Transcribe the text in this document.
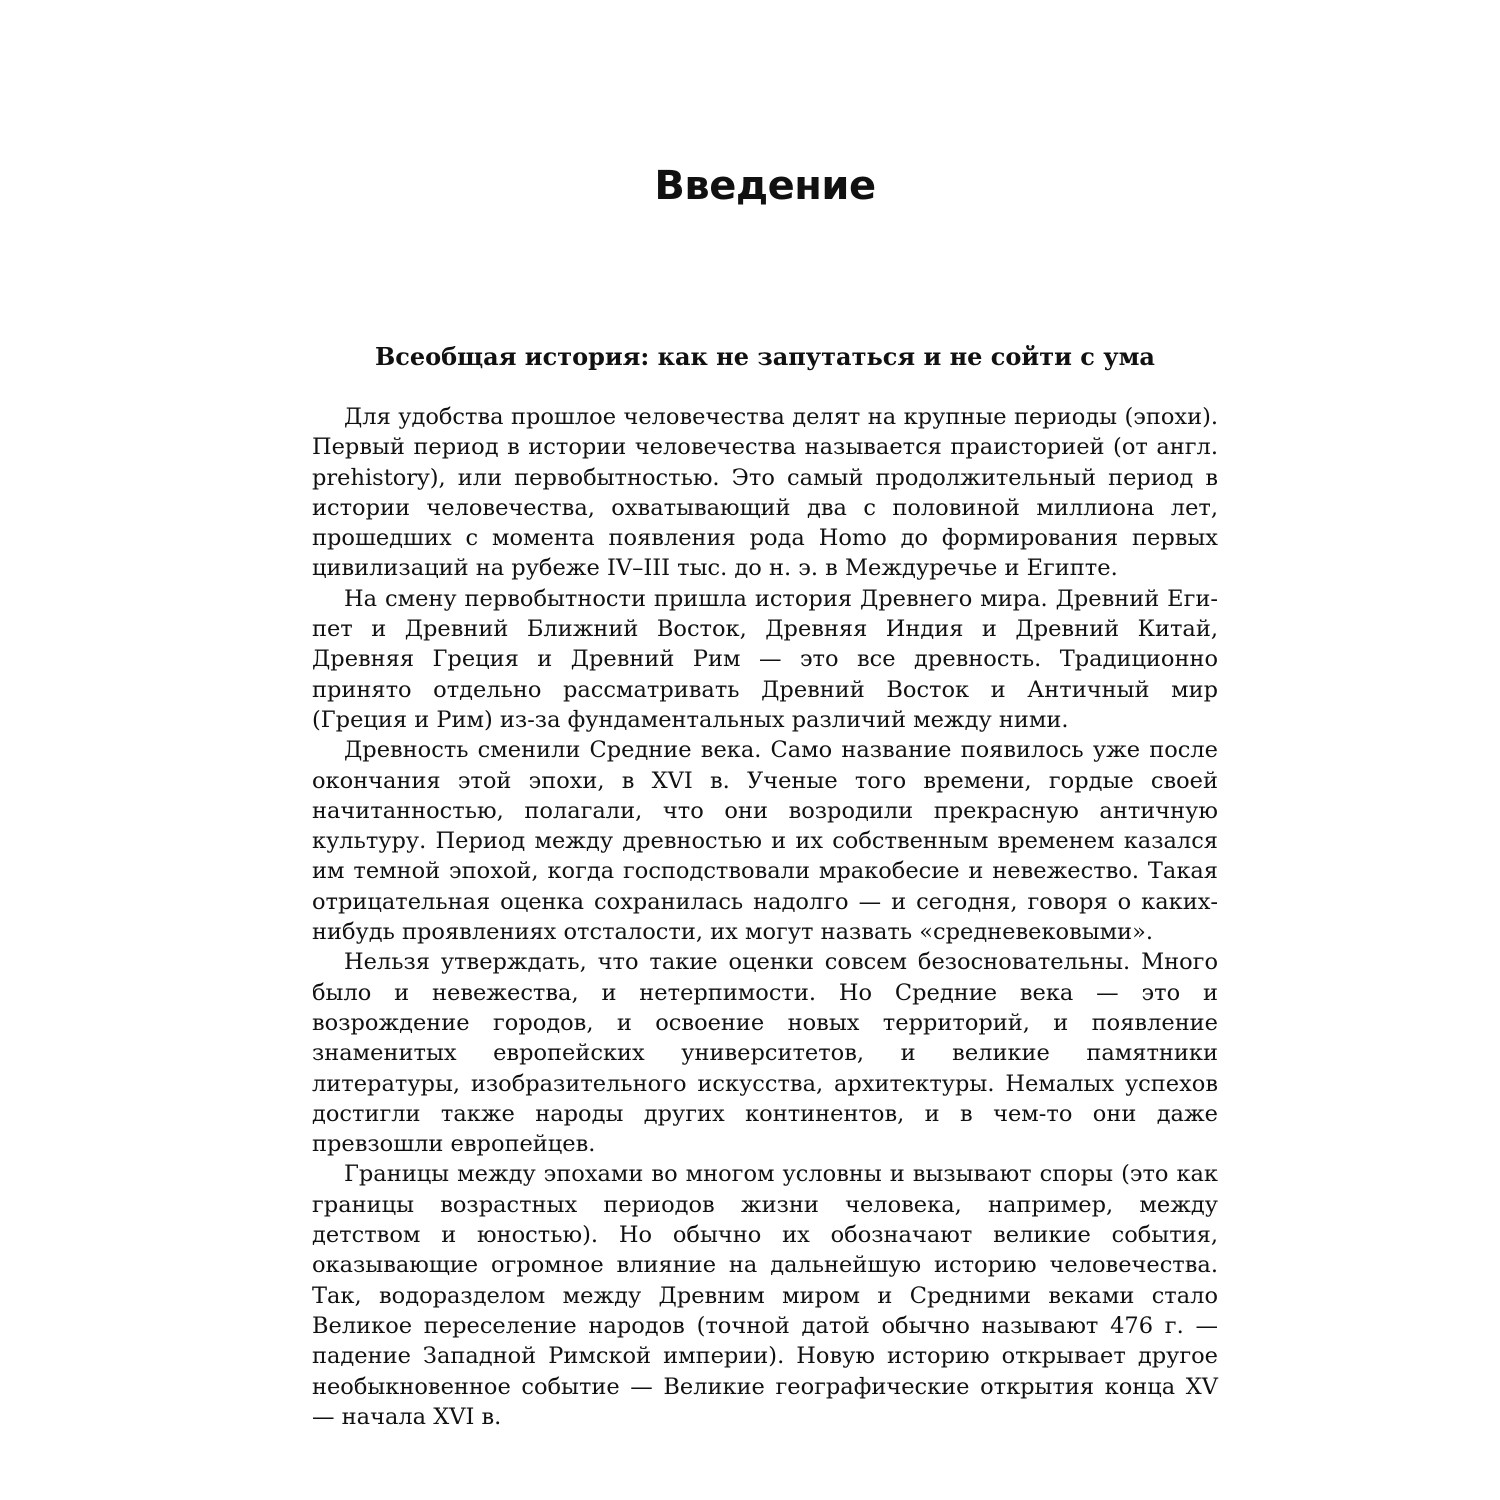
Введение
Всеобщая история: как не запутаться и не сойти с ума

Для удобства прошлое человечества делят на крупные периоды (эпохи). Первый период в истории человечества называется праисторией (от англ. prehistory), или первобытностью. Это самый продолжительный период в истории человечества, охватывающий два с половиной миллиона лет, прошедших с момента появления рода Homo до формирования первых цивилизаций на рубеже IV–III тыс. до н. э. в Междуречье и Египте.

На смену первобытности пришла история Древнего мира. Древний Египет и Древний Ближний Восток, Древняя Индия и Древний Китай, Древняя Греция и Древний Рим — это все древность. Традиционно принято отдельно рассматривать Древний Восток и Античный мир (Греция и Рим) из-за фундаментальных различий между ними.

Древность сменили Средние века. Само название появилось уже после окончания этой эпохи, в XVI в. Ученые того времени, гордые своей начитанностью, полагали, что они возродили прекрасную античную культуру. Период между древностью и их собственным временем казался им темной эпохой, когда господствовали мракобесие и невежество. Такая отрицательная оценка сохранилась надолго — и сегодня, говоря о каких-нибудь проявлениях отсталости, их могут назвать «средневековыми».

Нельзя утверждать, что такие оценки совсем безосновательны. Много было и невежества, и нетерпимости. Но Средние века — это и возрождение городов, и освоение новых территорий, и появление знаменитых европейских университетов, и великие памятники литературы, изобразительного искусства, архитектуры. Немалых успехов достигли также народы других континентов, и в чем-то они даже превзошли европейцев.

Границы между эпохами во многом условны и вызывают споры (это как границы возрастных периодов жизни человека, например, между детством и юностью). Но обычно их обозначают великие события, оказывающие огромное влияние на дальнейшую историю человечества. Так, водоразделом между Древним миром и Средними веками стало Великое переселение народов (точной датой обычно называют 476 г. — падение Западной Римской империи). Новую историю открывает другое необыкновенное событие — Великие географические открытия конца XV — начала XVI в.
